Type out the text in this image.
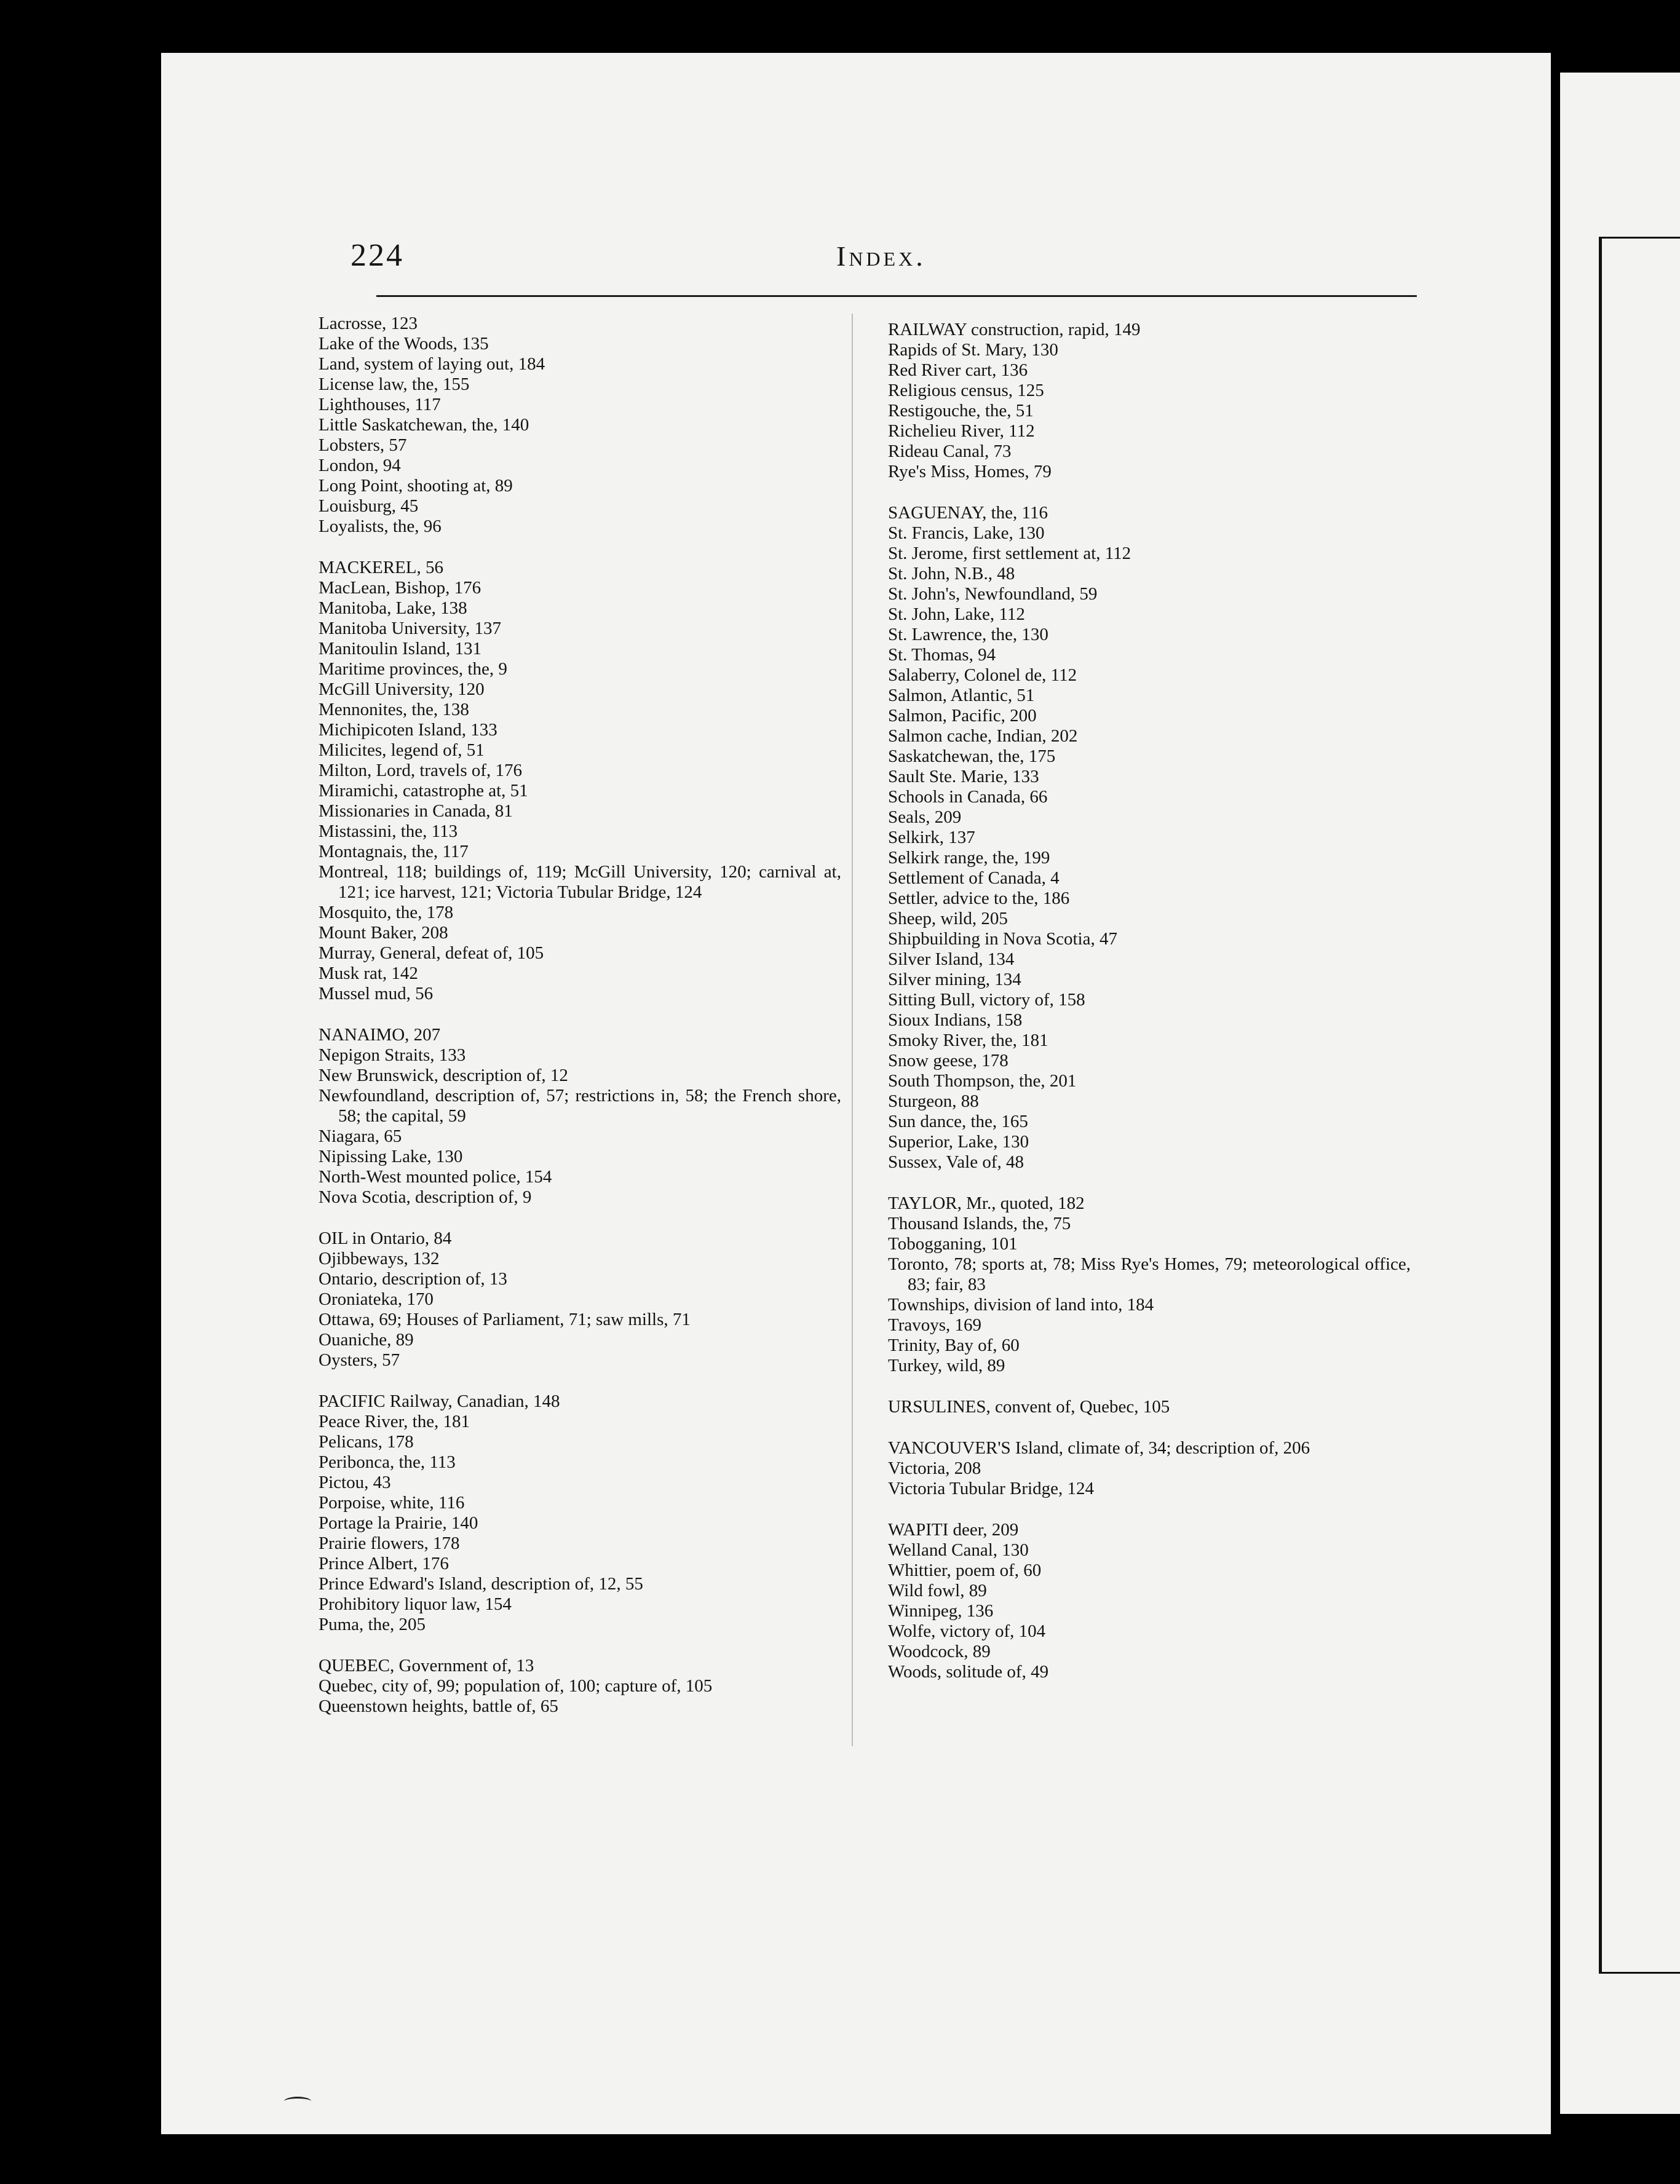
224	Index.

Lacrosse, 123

Lake of the Woods, 135

Land, system of laying out, 184

License law, the, 155

Lighthouses, 117

Little Saskatchewan, the, 140

Lobsters, 57

London, 94

Long Point, shooting at, 89

Louisburg, 45

Loyalists, the, 96

MACKEREL, 56

MacLean, Bishop, 176

Manitoba, Lake, 138

Manitoba University, 137

Manitoulin Island, 131

Maritime provinces, the, 9

McGill University, 120

Mennonites, the, 138

Michipicoten Island, 133

Milicites, legend of, 51

Milton, Lord, travels of, 176

Miramichi, catastrophe at, 51

Missionaries in Canada, 81

Mistassini, the, 113

Montagnais, the, 117

Montreal, 118; buildings of, 119; McGill University, 120; carnival at, 121; ice harvest, 121; Victoria Tubular Bridge, 124

Mosquito, the, 178

Mount Baker, 208

Murray, General, defeat of, 105

Musk rat, 142

Mussel mud, 56

NANAIMO, 207

Nepigon Straits, 133

New Brunswick, description of, 12

Newfoundland, description of, 57; restrictions in, 58; the French shore, 58; the capital, 59

Niagara, 65

Nipissing Lake, 130

North-West mounted police, 154

Nova Scotia, description of, 9

OIL in Ontario, 84

Ojibbeways, 132

Ontario, description of, 13

Oroniateka, 170

Ottawa, 69; Houses of Parliament, 71; saw mills, 71

Ouaniche, 89

Oysters, 57

PACIFIC Railway, Canadian, 148

Peace River, the, 181

Pelicans, 178

Peribonca, the, 113

Pictou, 43

Porpoise, white, 116

Portage la Prairie, 140

Prairie flowers, 178

Prince Albert, 176

Prince Edward's Island, description of, 12, 55

Prohibitory liquor law, 154

Puma, the, 205

QUEBEC, Government of, 13

Quebec, city of, 99; population of, 100; capture of, 105

Queenstown heights, battle of, 65

RAILWAY construction, rapid, 149

Rapids of St. Mary, 130

Red River cart, 136

Religious census, 125

Restigouche, the, 51

Richelieu River, 112

Rideau Canal, 73

Rye's Miss, Homes, 79

SAGUENAY, the, 116

St. Francis, Lake, 130

St. Jerome, first settlement at, 112

St. John, N.B., 48

St. John's, Newfoundland, 59

St. John, Lake, 112

St. Lawrence, the, 130

St. Thomas, 94

Salaberry, Colonel de, 112

Salmon, Atlantic, 51

Salmon, Pacific, 200

Salmon cache, Indian, 202

Saskatchewan, the, 175

Sault Ste. Marie, 133

Schools in Canada, 66

Seals, 209

Selkirk, 137

Selkirk range, the, 199

Settlement of Canada, 4

Settler, advice to the, 186

Sheep, wild, 205

Shipbuilding in Nova Scotia, 47

Silver Island, 134

Silver mining, 134

Sitting Bull, victory of, 158

Sioux Indians, 158

Smoky River, the, 181

Snow geese, 178

South Thompson, the, 201

Sturgeon, 88

Sun dance, the, 165

Superior, Lake, 130

Sussex, Vale of, 48

TAYLOR, Mr., quoted, 182

Thousand Islands, the, 75

Tobogganing, 101

Toronto, 78; sports at, 78; Miss Rye's Homes, 79; meteorological office, 83; fair, 83

Townships, division of land into, 184

Travoys, 169

Trinity, Bay of, 60

Turkey, wild, 89

URSULINES, convent of, Quebec, 105

VANCOUVER'S Island, climate of, 34; description of, 206

Victoria, 208

Victoria Tubular Bridge, 124

WAPITI deer, 209

Welland Canal, 130

Whittier, poem of, 60

Wild fowl, 89

Winnipeg, 136

Wolfe, victory of, 104

Woodcock, 89

Woods, solitude of, 49
